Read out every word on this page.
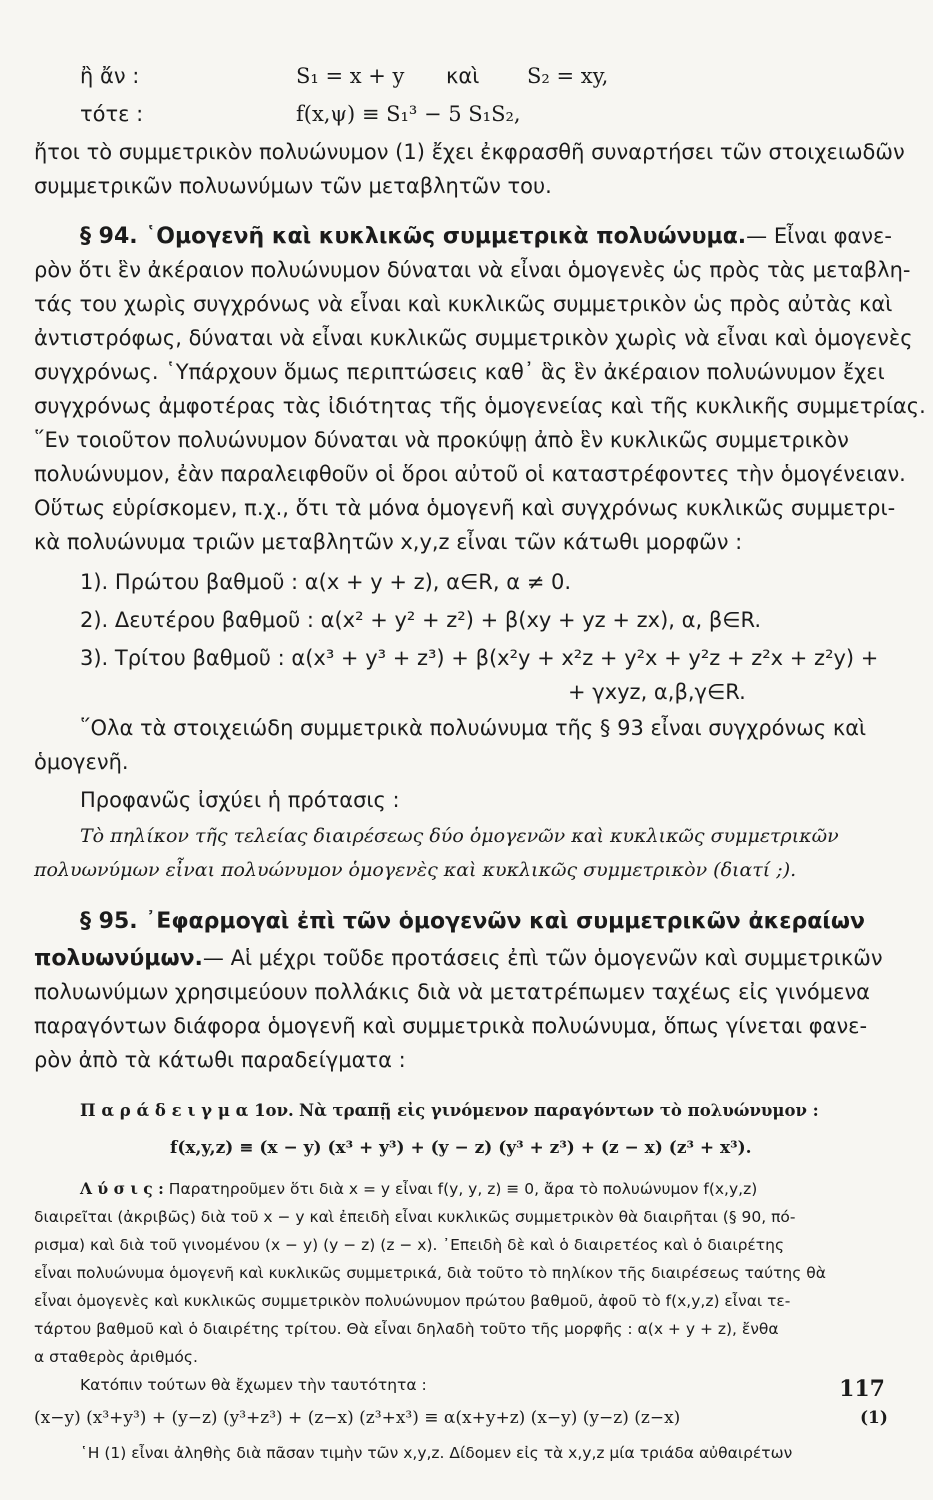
ἢ ἄν :	S₁ = x + y καὶ S₂ = xy,
τότε :	f(x,ψ) ≡ S₁³ − 5 S₁S₂,
ἤτοι τὸ συμμετρικὸν πολυώνυμον (1) ἔχει ἐκφρασθῆ συναρτήσει τῶν στοιχειωδῶν
συμμετρικῶν πολυωνύμων τῶν μεταβλητῶν του.
§ 94. ῾Ομογενῆ καὶ κυκλικῶς συμμετρικὰ πολυώνυμα.— Εἶναι φανε-
ρὸν ὅτι ἓν ἀκέραιον πολυώνυμον δύναται νὰ εἶναι ὁμογενὲς ὡς πρὸς τὰς μεταβλη-
τάς του χωρὶς συγχρόνως νὰ εἶναι καὶ κυκλικῶς συμμετρικὸν ὡς πρὸς αὐτὰς καὶ
ἀντιστρόφως, δύναται νὰ εἶναι κυκλικῶς συμμετρικὸν χωρὶς νὰ εἶναι καὶ ὁμογενὲς
συγχρόνως. ῾Υπάρχουν ὅμως περιπτώσεις καθ᾽ ἃς ἓν ἀκέραιον πολυώνυμον ἔχει
συγχρόνως ἀμφοτέρας τὰς ἰδιότητας τῆς ὁμογενείας καὶ τῆς κυκλικῆς συμμετρίας.
῞Εν τοιοῦτον πολυώνυμον δύναται νὰ προκύψῃ ἀπὸ ἓν κυκλικῶς συμμετρικὸν
πολυώνυμον, ἐὰν παραλειφθοῦν οἱ ὅροι αὐτοῦ οἱ καταστρέφοντες τὴν ὁμογένειαν.
Οὕτως εὑρίσκομεν, π.χ., ὅτι τὰ μόνα ὁμογενῆ καὶ συγχρόνως κυκλικῶς συμμετρι-
κὰ πολυώνυμα τριῶν μεταβλητῶν x,y,z εἶναι τῶν κάτωθι μορφῶν :
1). Πρώτου βαθμοῦ : α(x + y + z), α∈R, α ≠ 0.
2). Δευτέρου βαθμοῦ : α(x² + y² + z²) + β(xy + yz + zx), α, β∈R.
3). Τρίτου βαθμοῦ : α(x³ + y³ + z³) + β(x²y + x²z + y²x + y²z + z²x + z²y) +
+ γxyz, α,β,γ∈R.
῞Ολα τὰ στοιχειώδη συμμετρικὰ πολυώνυμα τῆς § 93 εἶναι συγχρόνως καὶ
ὁμογενῆ.
Προφανῶς ἰσχύει ἡ πρότασις :
Τὸ πηλίκον τῆς τελείας διαιρέσεως δύο ὁμογενῶν καὶ κυκλικῶς συμμετρικῶν
πολυωνύμων εἶναι πολυώνυμον ὁμογενὲς καὶ κυκλικῶς συμμετρικὸν (διατί ;).
§ 95. ᾽Εφαρμογαὶ ἐπὶ τῶν ὁμογενῶν καὶ συμμετρικῶν ἀκεραίων
πολυωνύμων.— Αἱ μέχρι τοῦδε προτάσεις ἐπὶ τῶν ὁμογενῶν καὶ συμμετρικῶν
πολυωνύμων χρησιμεύουν πολλάκις διὰ νὰ μετατρέπωμεν ταχέως εἰς γινόμενα
παραγόντων διάφορα ὁμογενῆ καὶ συμμετρικὰ πολυώνυμα, ὅπως γίνεται φανε-
ρὸν ἀπὸ τὰ κάτωθι παραδείγματα :
Π α ρ ά δ ε ι γ μ α 1ον. Νὰ τραπῇ εἰς γινόμενον παραγόντων τὸ πολυώνυμον :
f(x,y,z) ≡ (x − y) (x³ + y³) + (y − z) (y³ + z³) + (z − x) (z³ + x³).
Λ ύ σ ι ς : Παρατηροῦμεν ὅτι διὰ x = y εἶναι f(y, y, z) ≡ 0, ἄρα τὸ πολυώνυμον f(x,y,z)
διαιρεῖται (ἀκριβῶς) διὰ τοῦ x − y καὶ ἐπειδὴ εἶναι κυκλικῶς συμμετρικὸν θὰ διαιρῆται (§ 90, πό-
ρισμα) καὶ διὰ τοῦ γινομένου (x − y) (y − z) (z − x). ᾽Επειδὴ δὲ καὶ ὁ διαιρετέος καὶ ὁ διαιρέτης
εἶναι πολυώνυμα ὁμογενῆ καὶ κυκλικῶς συμμετρικά, διὰ τοῦτο τὸ πηλίκον τῆς διαιρέσεως ταύτης θὰ
εἶναι ὁμογενὲς καὶ κυκλικῶς συμμετρικὸν πολυώνυμον πρώτου βαθμοῦ, ἀφοῦ τὸ f(x,y,z) εἶναι τε-
τάρτου βαθμοῦ καὶ ὁ διαιρέτης τρίτου. Θὰ εἶναι δηλαδὴ τοῦτο τῆς μορφῆς : α(x + y + z), ἔνθα
α σταθερὸς ἀριθμός.
Κατόπιν τούτων θὰ ἔχωμεν τὴν ταυτότητα :
(x−y) (x³+y³) + (y−z) (y³+z³) + (z−x) (z³+x³) ≡ α(x+y+z) (x−y) (y−z) (z−x)	(1)
῾Η (1) εἶναι ἀληθὴς διὰ πᾶσαν τιμὴν τῶν x,y,z. Δίδομεν εἰς τὰ x,y,z μία τριάδα αὐθαιρέτων
117
